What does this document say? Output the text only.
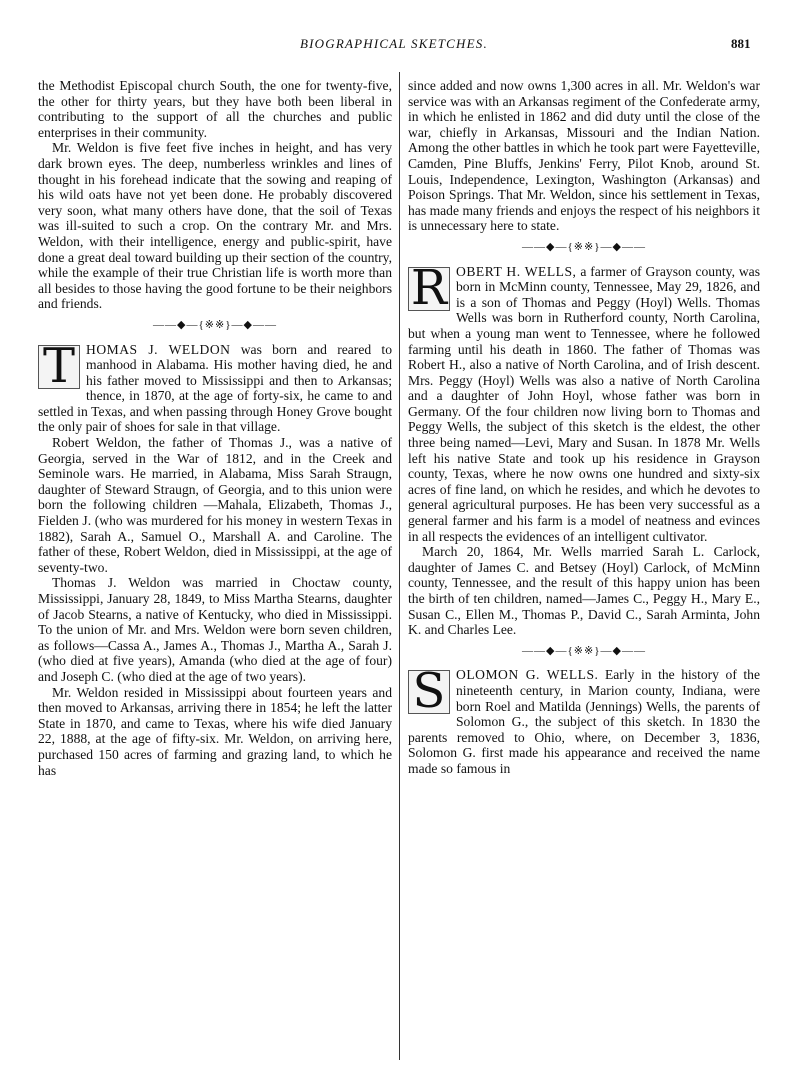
BIOGRAPHICAL SKETCHES.	881

the Methodist Episcopal church South, the one for twenty-five, the other for thirty years, but they have both been liberal in contributing to the support of all the churches and public enterprises in their community.

Mr. Weldon is five feet five inches in height, and has very dark brown eyes. The deep, numberless wrinkles and lines of thought in his forehead indicate that the sowing and reaping of his wild oats have not yet been done. He probably discovered very soon, what many others have done, that the soil of Texas was ill-suited to such a crop. On the contrary Mr. and Mrs. Weldon, with their intelligence, energy and public-spirit, have done a great deal toward building up their section of the country, while the example of their true Christian life is worth more than all besides to those having the good fortune to be their neighbors and friends.

——◆—{※※}—◆——

T HOMAS J. WELDON was born and reared to manhood in Alabama. His mother having died, he and his father moved to Mississippi and then to Arkansas; thence, in 1870, at the age of forty-six, he came to and settled in Texas, and when passing through Honey Grove bought the only pair of shoes for sale in that village.

Robert Weldon, the father of Thomas J., was a native of Georgia, served in the War of 1812, and in the Creek and Seminole wars. He married, in Alabama, Miss Sarah Straugn, daughter of Steward Straugn, of Georgia, and to this union were born the following children —Mahala, Elizabeth, Thomas J., Fielden J. (who was murdered for his money in western Texas in 1882), Sarah A., Samuel O., Marshall A. and Caroline. The father of these, Robert Weldon, died in Mississippi, at the age of seventy-two.

Thomas J. Weldon was married in Choctaw county, Mississippi, January 28, 1849, to Miss Martha Stearns, daughter of Jacob Stearns, a native of Kentucky, who died in Mississippi. To the union of Mr. and Mrs. Weldon were born seven children, as follows—Cassa A., James A., Thomas J., Martha A., Sarah J. (who died at five years), Amanda (who died at the age of four) and Joseph C. (who died at the age of two years).

Mr. Weldon resided in Mississippi about fourteen years and then moved to Arkansas, arriving there in 1854; he left the latter State in 1870, and came to Texas, where his wife died January 22, 1888, at the age of fifty-six. Mr. Weldon, on arriving here, purchased 150 acres of farming and grazing land, to which he has

since added and now owns 1,300 acres in all. Mr. Weldon's war service was with an Arkansas regiment of the Confederate army, in which he enlisted in 1862 and did duty until the close of the war, chiefly in Arkansas, Missouri and the Indian Nation. Among the other battles in which he took part were Fayetteville, Camden, Pine Bluffs, Jenkins' Ferry, Pilot Knob, around St. Louis, Independence, Lexington, Washington (Arkansas) and Poison Springs. That Mr. Weldon, since his settlement in Texas, has made many friends and enjoys the respect of his neighbors it is unnecessary here to state.

——◆—{※※}—◆——

R OBERT H. WELLS, a farmer of Grayson county, was born in McMinn county, Tennessee, May 29, 1826, and is a son of Thomas and Peggy (Hoyl) Wells. Thomas Wells was born in Rutherford county, North Carolina, but when a young man went to Tennessee, where he followed farming until his death in 1860. The father of Thomas was Robert H., also a native of North Carolina, and of Irish descent. Mrs. Peggy (Hoyl) Wells was also a native of North Carolina and a daughter of John Hoyl, whose father was born in Germany. Of the four children now living born to Thomas and Peggy Wells, the subject of this sketch is the eldest, the other three being named—Levi, Mary and Susan. In 1878 Mr. Wells left his native State and took up his residence in Grayson county, Texas, where he now owns one hundred and sixty-six acres of fine land, on which he resides, and which he devotes to general agricultural purposes. He has been very successful as a general farmer and his farm is a model of neatness and evinces in all respects the evidences of an intelligent cultivator.

March 20, 1864, Mr. Wells married Sarah L. Carlock, daughter of James C. and Betsey (Hoyl) Carlock, of McMinn county, Tennessee, and the result of this happy union has been the birth of ten children, named—James C., Peggy H., Mary E., Susan C., Ellen M., Thomas P., David C., Sarah Arminta, John K. and Charles Lee.

——◆—{※※}—◆——

S OLOMON G. WELLS. Early in the history of the nineteenth century, in Marion county, Indiana, were born Roel and Matilda (Jennings) Wells, the parents of Solomon G., the subject of this sketch. In 1830 the parents removed to Ohio, where, on December 3, 1836, Solomon G. first made his appearance and received the name made so famous in
